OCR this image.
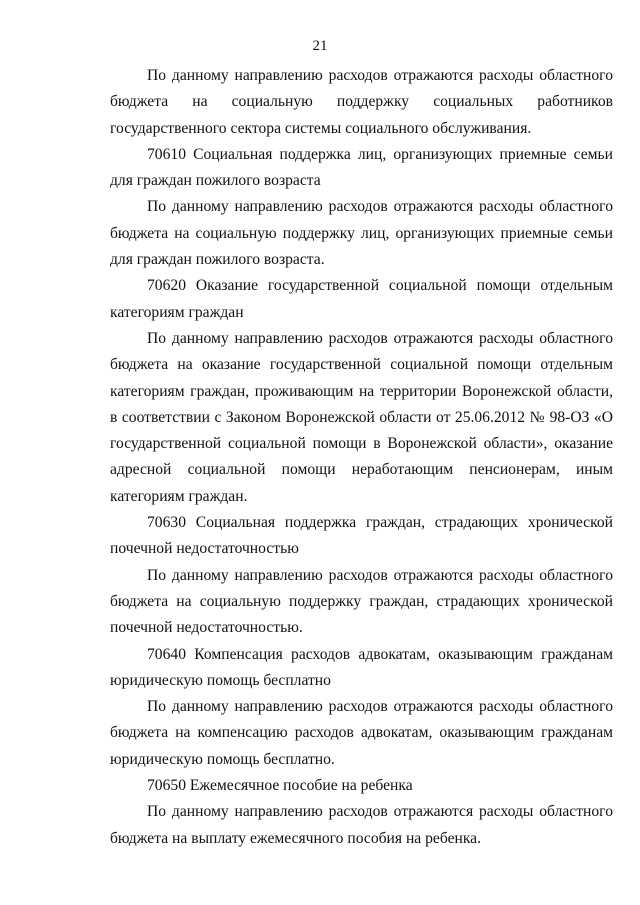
21

По данному направлению расходов отражаются расходы областного бюджета на социальную поддержку социальных работников государственного сектора системы социального обслуживания.

70610 Социальная поддержка лиц, организующих приемные семьи для граждан пожилого возраста

По данному направлению расходов отражаются расходы областного бюджета на социальную поддержку лиц, организующих приемные семьи для граждан пожилого возраста.

70620 Оказание государственной социальной помощи отдельным категориям граждан

По данному направлению расходов отражаются расходы областного бюджета на оказание государственной социальной помощи отдельным категориям граждан, проживающим на территории Воронежской области, в соответствии с Законом Воронежской области от 25.06.2012 № 98-ОЗ «О государственной социальной помощи в Воронежской области», оказание адресной социальной помощи неработающим пенсионерам, иным категориям граждан.

70630 Социальная поддержка граждан, страдающих хронической почечной недостаточностью

По данному направлению расходов отражаются расходы областного бюджета на социальную поддержку граждан, страдающих хронической почечной недостаточностью.

70640 Компенсация расходов адвокатам, оказывающим гражданам юридическую помощь бесплатно

По данному направлению расходов отражаются расходы областного бюджета на компенсацию расходов адвокатам, оказывающим гражданам юридическую помощь бесплатно.

70650 Ежемесячное пособие на ребенка

По данному направлению расходов отражаются расходы областного бюджета на выплату ежемесячного пособия на ребенка.
